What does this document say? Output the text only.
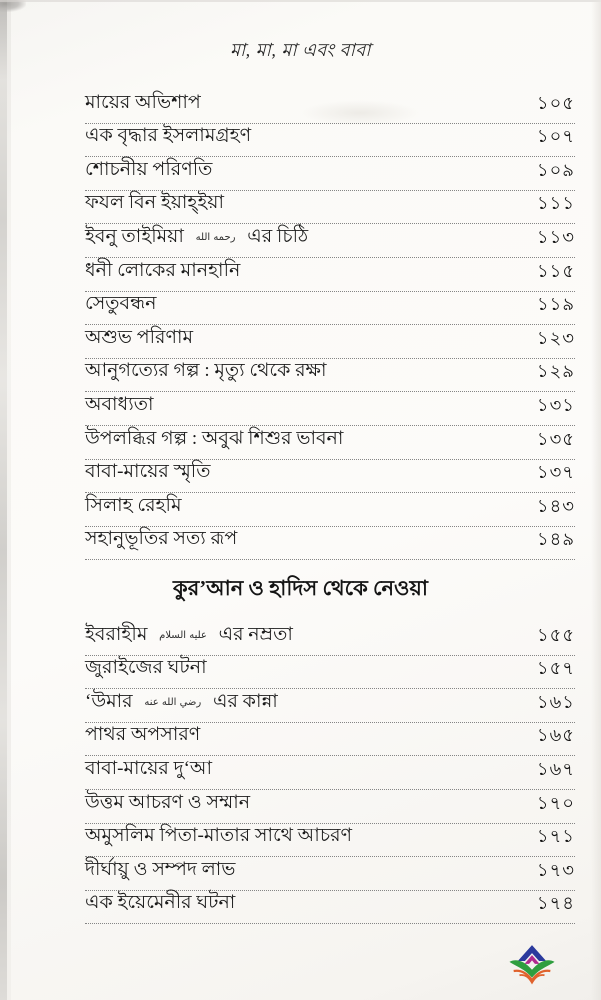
মা, মা, মা এবং বাবা
মায়ের অভিশাপ	১০৫
এক বৃদ্ধার ইসলামগ্রহণ	১০৭
শোচনীয় পরিণতি	১০৯
ফযল বিন ইয়াহ্‌ইয়া	১১১
ইবনু তাইমিয়া رحمه الله এর চিঠি	১১৩
ধনী লোকের মানহানি	১১৫
সেতুবন্ধন	১১৯
অশুভ পরিণাম	১২৩
আনুগত্যের গল্প : মৃত্যু থেকে রক্ষা	১২৯
অবাধ্যতা	১৩১
উপলব্ধির গল্প : অবুঝ শিশুর ভাবনা	১৩৫
বাবা-মায়ের স্মৃতি	১৩৭
সিলাহ রেহমি	১৪৩
সহানুভূতির সত্য রূপ	১৪৯
কুর’আন ও হাদিস থেকে নেওয়া
ইবরাহীম عليه السلام এর নম্রতা	১৫৫
জুরাইজের ঘটনা	১৫৭
‘উমার رضي الله عنه এর কান্না	১৬১
পাথর অপসারণ	১৬৫
বাবা-মায়ের দু‘আ	১৬৭
উত্তম আচরণ ও সম্মান	১৭০
অমুসলিম পিতা-মাতার সাথে আচরণ	১৭১
দীর্ঘায়ু ও সম্পদ লাভ	১৭৩
এক ইয়েমেনীর ঘটনা	১৭৪
